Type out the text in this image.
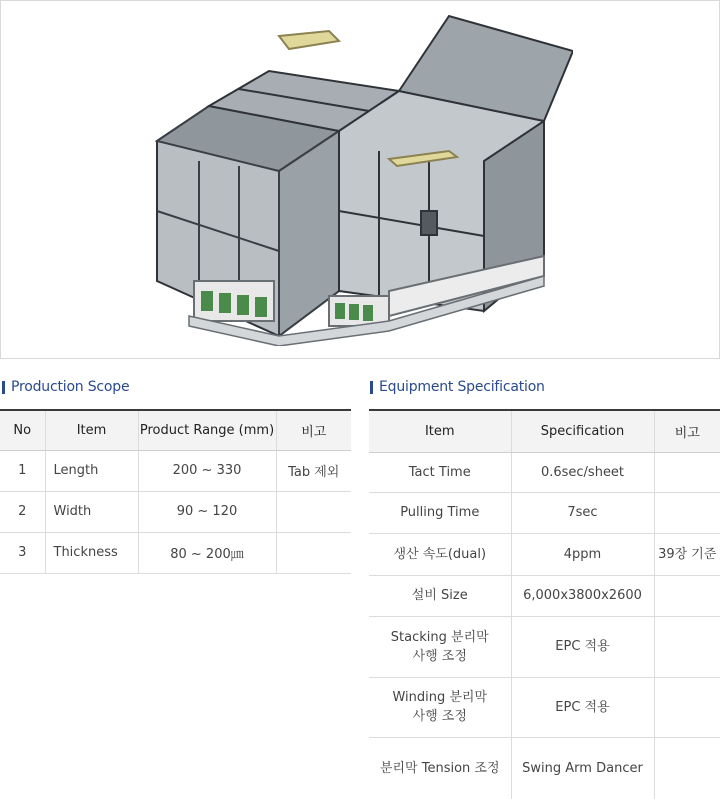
Production Scope
No	Item	Product Range (mm)	비고
1	Length	200 ~ 330	Tab 제외
2	Width	90 ~ 120	
3	Thickness	80 ~ 200㎛	
Equipment Specification
Item	Specification	비고
Tact Time	0.6sec/sheet	
Pulling Time	7sec	
생산 속도(dual)	4ppm	39장 기준
설비 Size	6,000x3800x2600	

Stacking 분리막
사행 조정	EPC 적용	

Winding 분리막
사행 조정	EPC 적용	
분리막 Tension 조정	Swing Arm Dancer	
